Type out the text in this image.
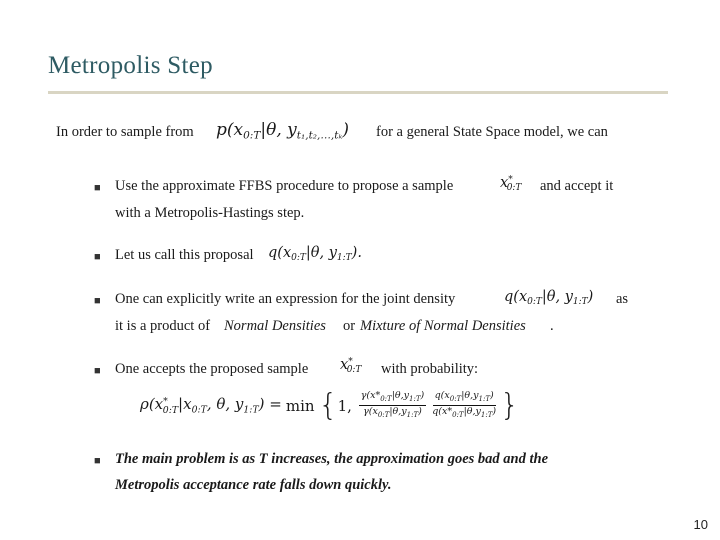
Metropolis Step
In order to sample from $p(x_{0:T}|\theta$, $y_{t_1,t_2,\dots,t_k}$) for a general State Space model, we can
■ Use the approximate FFBS procedure to propose a sample	$x^*_{0:T}$ and accept it
with a Metropolis-Hastings step.
■ Let us call this proposal $q(x_{0:T}|\theta$, $y_{1:T}$).
■ One can explicitly write an expression for the joint density	$q(x_{0:T}|\theta$, $y_{1:T}$) as
it is a product of Normal Densities or Mixture of Normal Densities .
■ One accepts the proposed sample $x^*_{0:T}$ with probability:
$\rho(x^*_{0:T}|x_{0:T}$, θ, $y_{1:T}) = \min$ { 1, $\frac{\gamma(x*_{0:T}|\theta,y_{1:T})}{\gamma(x_{0:T}|\theta,y_{1:T})} \frac{q(x_{0:T}|\theta,y_{1:T})}{q(x*_{0:T}|\theta,y_{1:T})}$ }
■ The main problem is as T increases, the approximation goes bad and the
Metropolis acceptance rate falls down quickly.
10
